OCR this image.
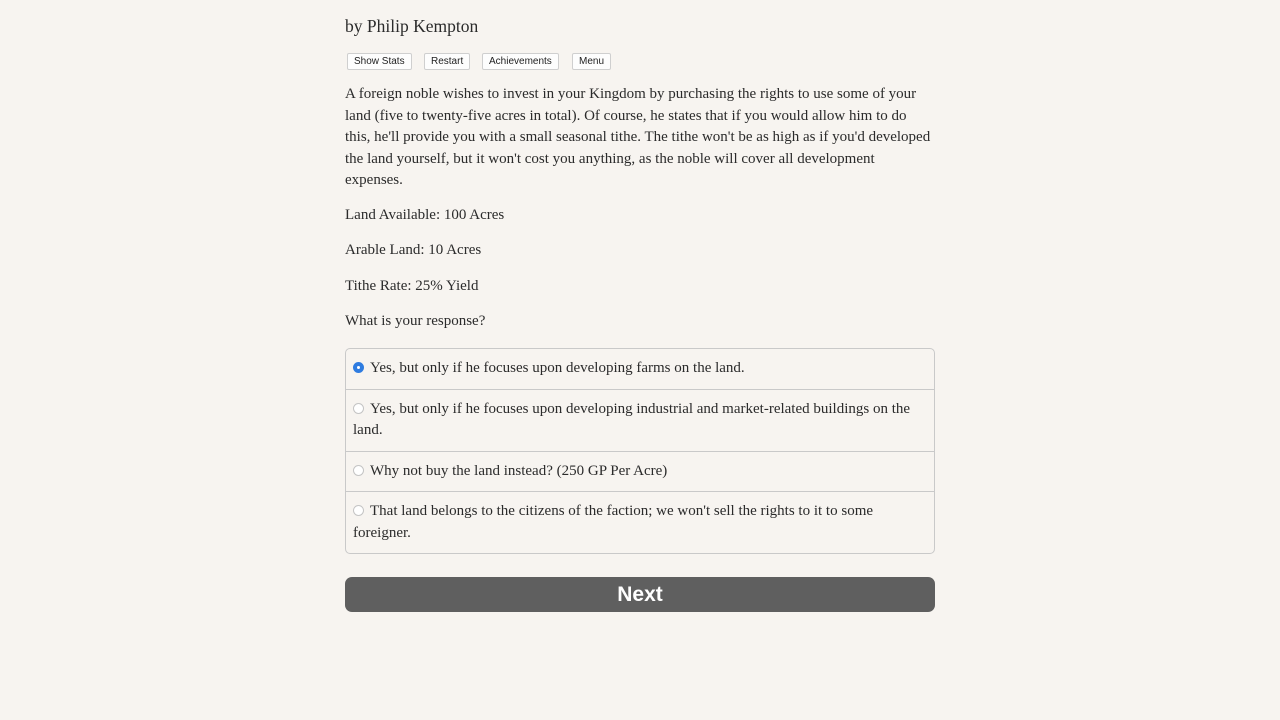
by Philip Kempton
Show Stats	Restart	Achievements	Menu

A foreign noble wishes to invest in your Kingdom by purchasing the rights to use some of your land (five to twenty-five acres in total). Of course, he states that if you would allow him to do this, he'll provide you with a small seasonal tithe. The tithe won't be as high as if you'd developed the land yourself, but it won't cost you anything, as the noble will cover all development expenses.

Land Available: 100 Acres

Arable Land: 10 Acres

Tithe Rate: 25% Yield

What is your response?

Yes, but only if he focuses upon developing farms on the land.
Yes, but only if he focuses upon developing industrial and market-related buildings on the land.
Why not buy the land instead? (250 GP Per Acre)
That land belongs to the citizens of the faction; we won't sell the rights to it to some foreigner.
Next
